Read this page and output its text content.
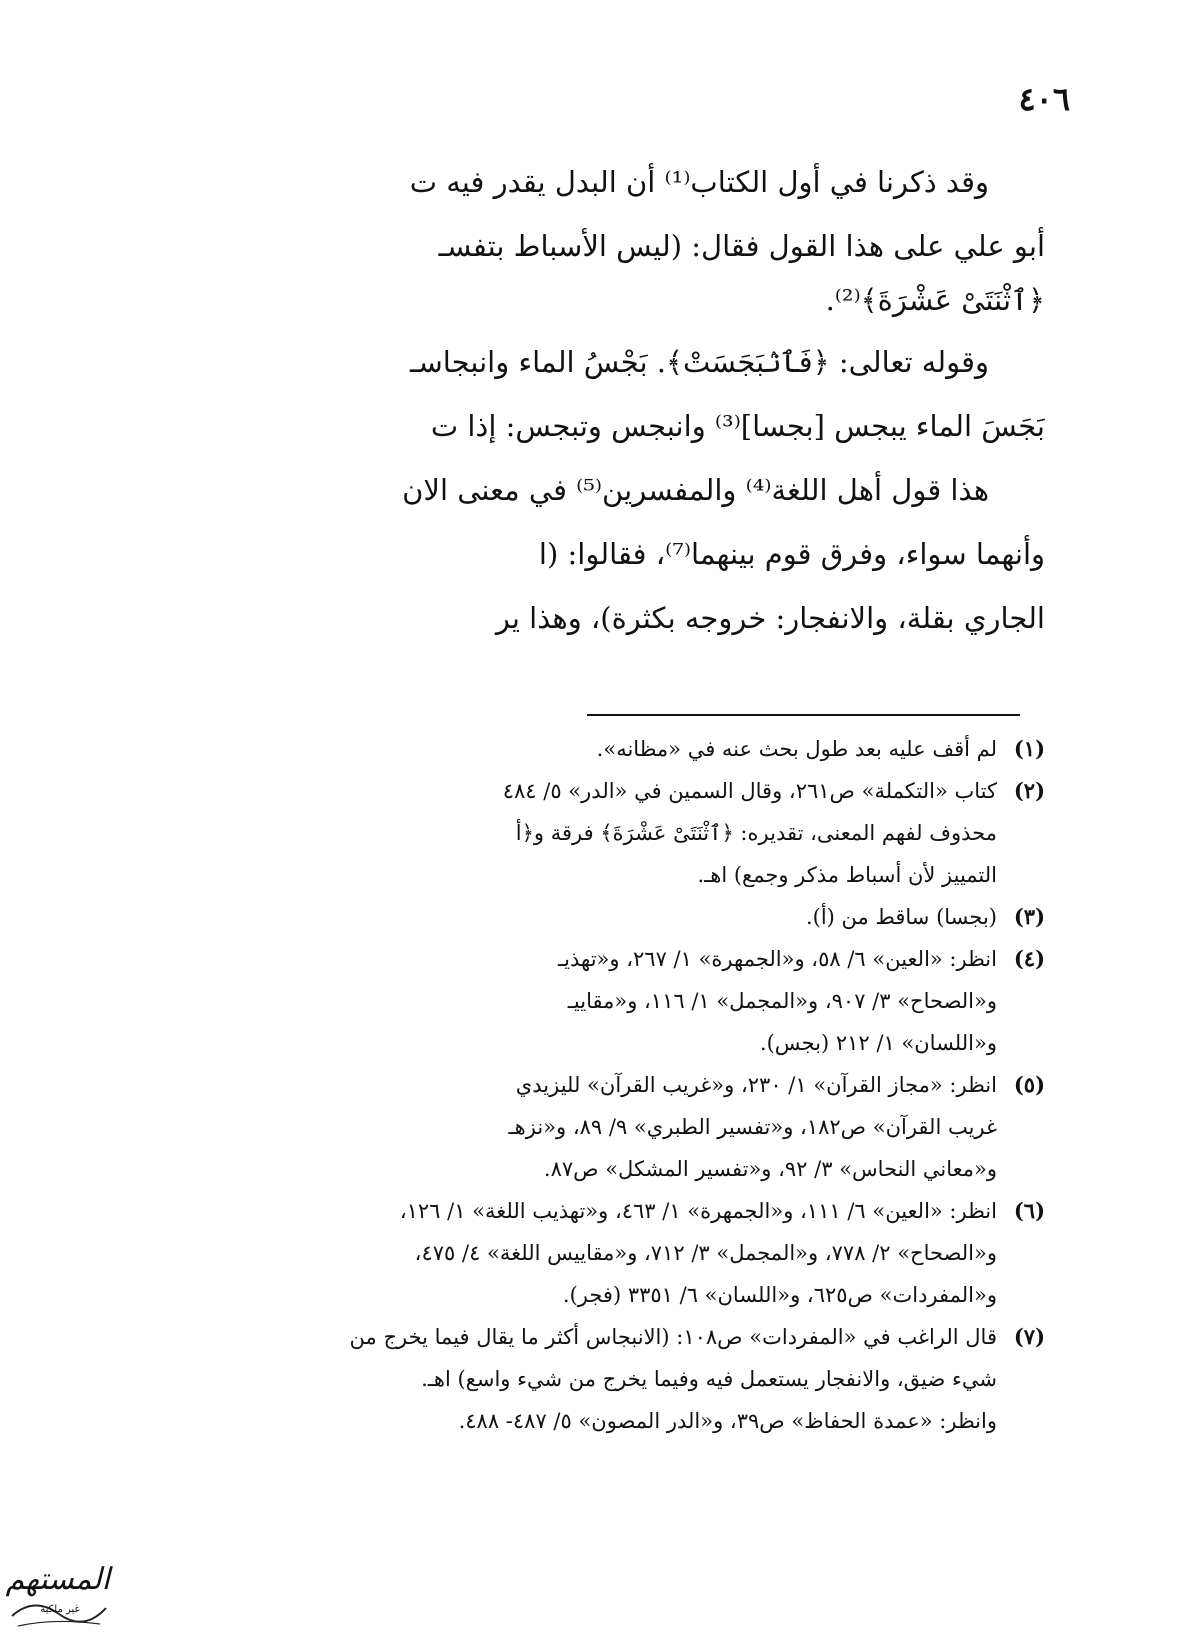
٤٠٦
وقد ذكرنا في أول الكتاب⁽¹⁾ أن البدل يقدر فيه ت
أبو علي على هذا القول فقال: (ليس الأسباط بتفسـ
﴿ٱثْنَتَىْ عَشْرَةَ﴾⁽²⁾.
وقوله تعالى: ﴿فَٱنۢبَجَسَتْ﴾. بَجْسُ الماء وانبجاسـ
بَجَسَ الماء يبجس [بجسا]⁽³⁾ وانبجس وتبجس: إذا ت
هذا قول أهل اللغة⁽⁴⁾ والمفسرين⁽⁵⁾ في معنى الان
وأنهما سواء، وفرق قوم بينهما⁽⁷⁾، فقالوا: (ا
الجاري بقلة، والانفجار: خروجه بكثرة)، وهذا ير
(١)لم أقف عليه بعد طول بحث عنه في «مظانه».
(٢)كتاب «التكملة» ص٢٦١، وقال السمين في «الدر» ٥/ ٤٨٤
محذوف لفهم المعنى، تقديره: ﴿ٱثْنَتَىْ عَشْرَةَ﴾ فرقة و﴿أ
التمييز لأن أسباط مذكر وجمع) اهـ.
(٣)(بجسا) ساقط من (أ).
(٤)انظر: «العين» ٦/ ٥٨، و«الجمهرة» ١/ ٢٦٧، و«تهذيـ
و«الصحاح» ٣/ ٩٠٧، و«المجمل» ١/ ١١٦، و«مقاييـ
و«اللسان» ١/ ٢١٢ (بجس).
(٥)انظر: «مجاز القرآن» ١/ ٢٣٠، و«غريب القرآن» لليزيدي
غريب القرآن» ص١٨٢، و«تفسير الطبري» ٩/ ٨٩، و«نزهـ
و«معاني النحاس» ٣/ ٩٢، و«تفسير المشكل» ص٨٧.
(٦)انظر: «العين» ٦/ ١١١، و«الجمهرة» ١/ ٤٦٣، و«تهذيب اللغة» ١/ ١٢٦،
و«الصحاح» ٢/ ٧٧٨، و«المجمل» ٣/ ٧١٢، و«مقاييس اللغة» ٤/ ٤٧٥،
و«المفردات» ص٦٢٥، و«اللسان» ٦/ ٣٣٥١ (فجر).
(٧)قال الراغب في «المفردات» ص١٠٨: (الانبجاس أكثر ما يقال فيما يخرج من
شيء ضيق، والانفجار يستعمل فيه وفيما يخرج من شيء واسع) اهـ.
وانظر: «عمدة الحفاظ» ص٣٩، و«الدر المصون» ٥/ ٤٨٧- ٤٨٨.
المستهم
غير ملكية
